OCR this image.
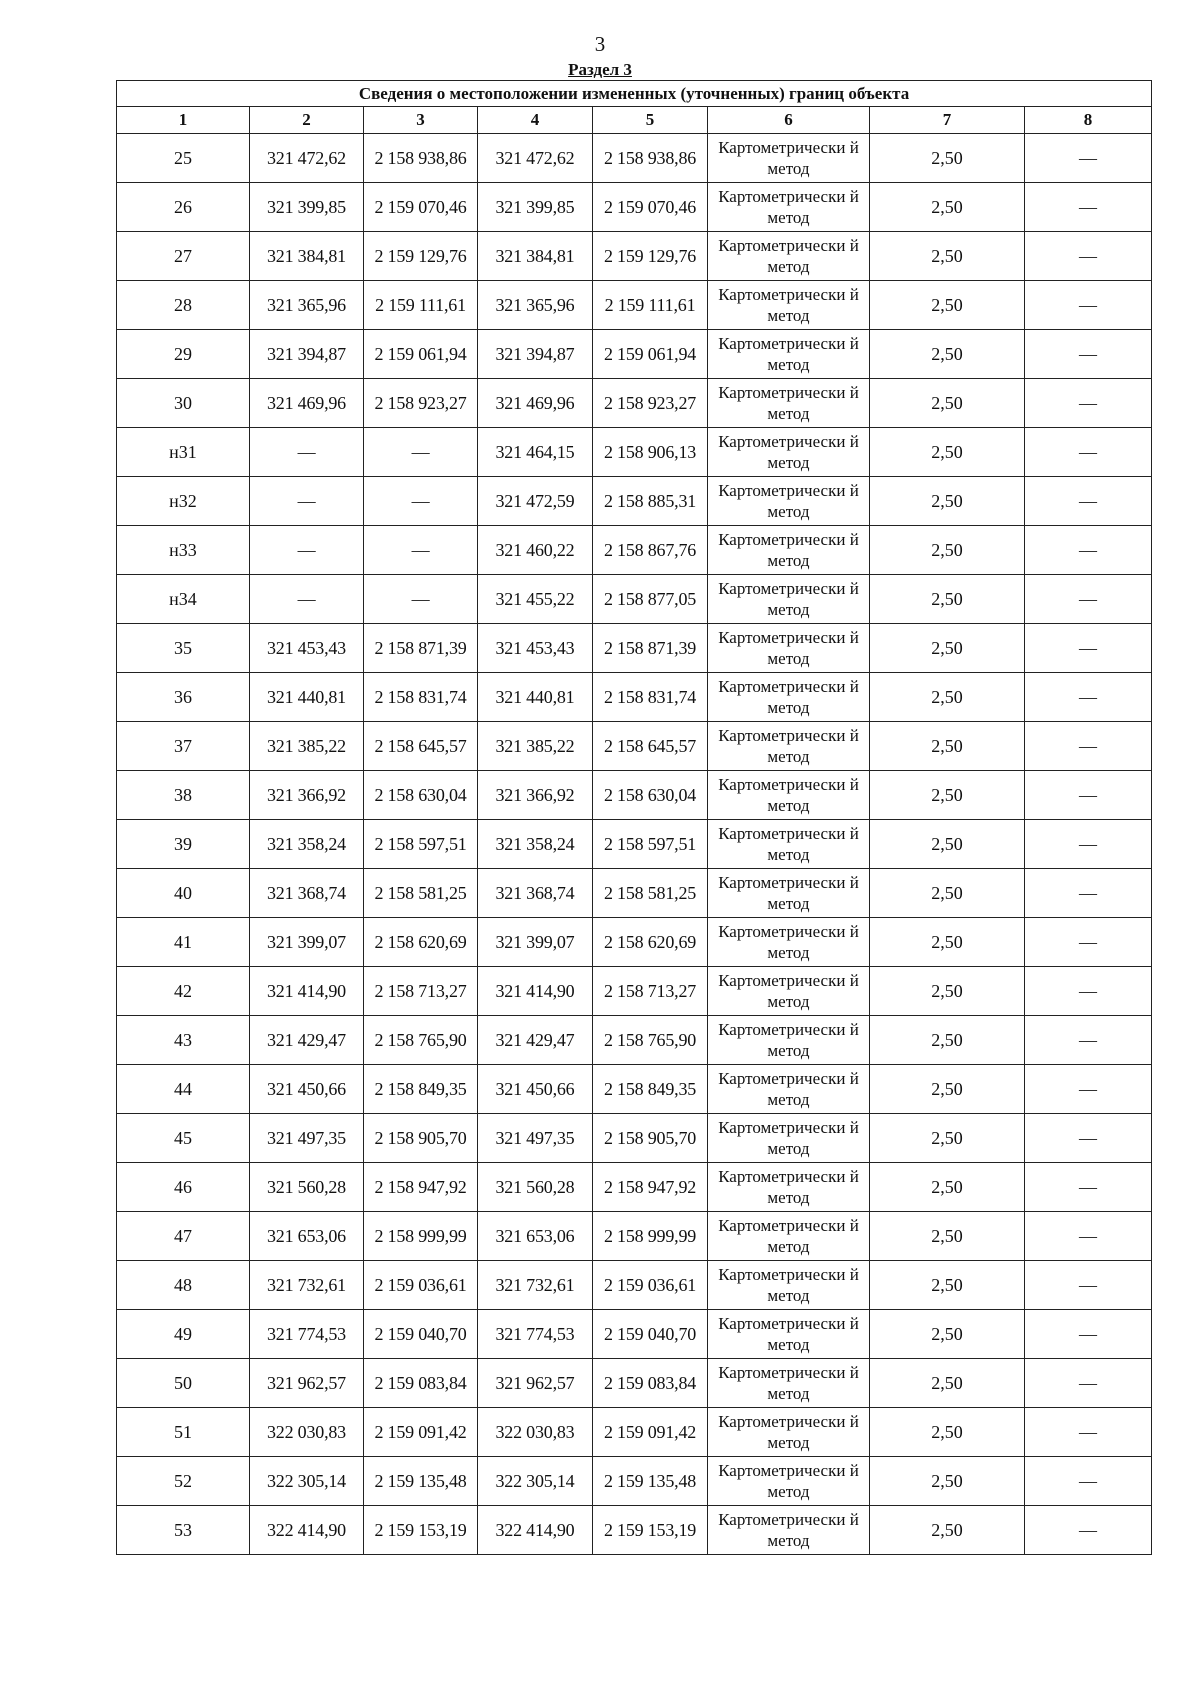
3
Раздел 3
Сведения о местоположении измененных (уточненных) границ объекта							
1	2	3	4	5	6	7	8
25	321 472,62	2 158 938,86	321 472,62	2 158 938,86	Картометрически й метод	2,50	—
26	321 399,85	2 159 070,46	321 399,85	2 159 070,46	Картометрически й метод	2,50	—
27	321 384,81	2 159 129,76	321 384,81	2 159 129,76	Картометрически й метод	2,50	—
28	321 365,96	2 159 111,61	321 365,96	2 159 111,61	Картометрически й метод	2,50	—
29	321 394,87	2 159 061,94	321 394,87	2 159 061,94	Картометрически й метод	2,50	—
30	321 469,96	2 158 923,27	321 469,96	2 158 923,27	Картометрически й метод	2,50	—
н31	—	—	321 464,15	2 158 906,13	Картометрически й метод	2,50	—
н32	—	—	321 472,59	2 158 885,31	Картометрически й метод	2,50	—
н33	—	—	321 460,22	2 158 867,76	Картометрически й метод	2,50	—
н34	—	—	321 455,22	2 158 877,05	Картометрически й метод	2,50	—
35	321 453,43	2 158 871,39	321 453,43	2 158 871,39	Картометрически й метод	2,50	—
36	321 440,81	2 158 831,74	321 440,81	2 158 831,74	Картометрически й метод	2,50	—
37	321 385,22	2 158 645,57	321 385,22	2 158 645,57	Картометрически й метод	2,50	—
38	321 366,92	2 158 630,04	321 366,92	2 158 630,04	Картометрически й метод	2,50	—
39	321 358,24	2 158 597,51	321 358,24	2 158 597,51	Картометрически й метод	2,50	—
40	321 368,74	2 158 581,25	321 368,74	2 158 581,25	Картометрически й метод	2,50	—
41	321 399,07	2 158 620,69	321 399,07	2 158 620,69	Картометрически й метод	2,50	—
42	321 414,90	2 158 713,27	321 414,90	2 158 713,27	Картометрически й метод	2,50	—
43	321 429,47	2 158 765,90	321 429,47	2 158 765,90	Картометрически й метод	2,50	—
44	321 450,66	2 158 849,35	321 450,66	2 158 849,35	Картометрически й метод	2,50	—
45	321 497,35	2 158 905,70	321 497,35	2 158 905,70	Картометрически й метод	2,50	—
46	321 560,28	2 158 947,92	321 560,28	2 158 947,92	Картометрически й метод	2,50	—
47	321 653,06	2 158 999,99	321 653,06	2 158 999,99	Картометрически й метод	2,50	—
48	321 732,61	2 159 036,61	321 732,61	2 159 036,61	Картометрически й метод	2,50	—
49	321 774,53	2 159 040,70	321 774,53	2 159 040,70	Картометрически й метод	2,50	—
50	321 962,57	2 159 083,84	321 962,57	2 159 083,84	Картометрически й метод	2,50	—
51	322 030,83	2 159 091,42	322 030,83	2 159 091,42	Картометрически й метод	2,50	—
52	322 305,14	2 159 135,48	322 305,14	2 159 135,48	Картометрически й метод	2,50	—
53	322 414,90	2 159 153,19	322 414,90	2 159 153,19	Картометрически й метод	2,50	—
